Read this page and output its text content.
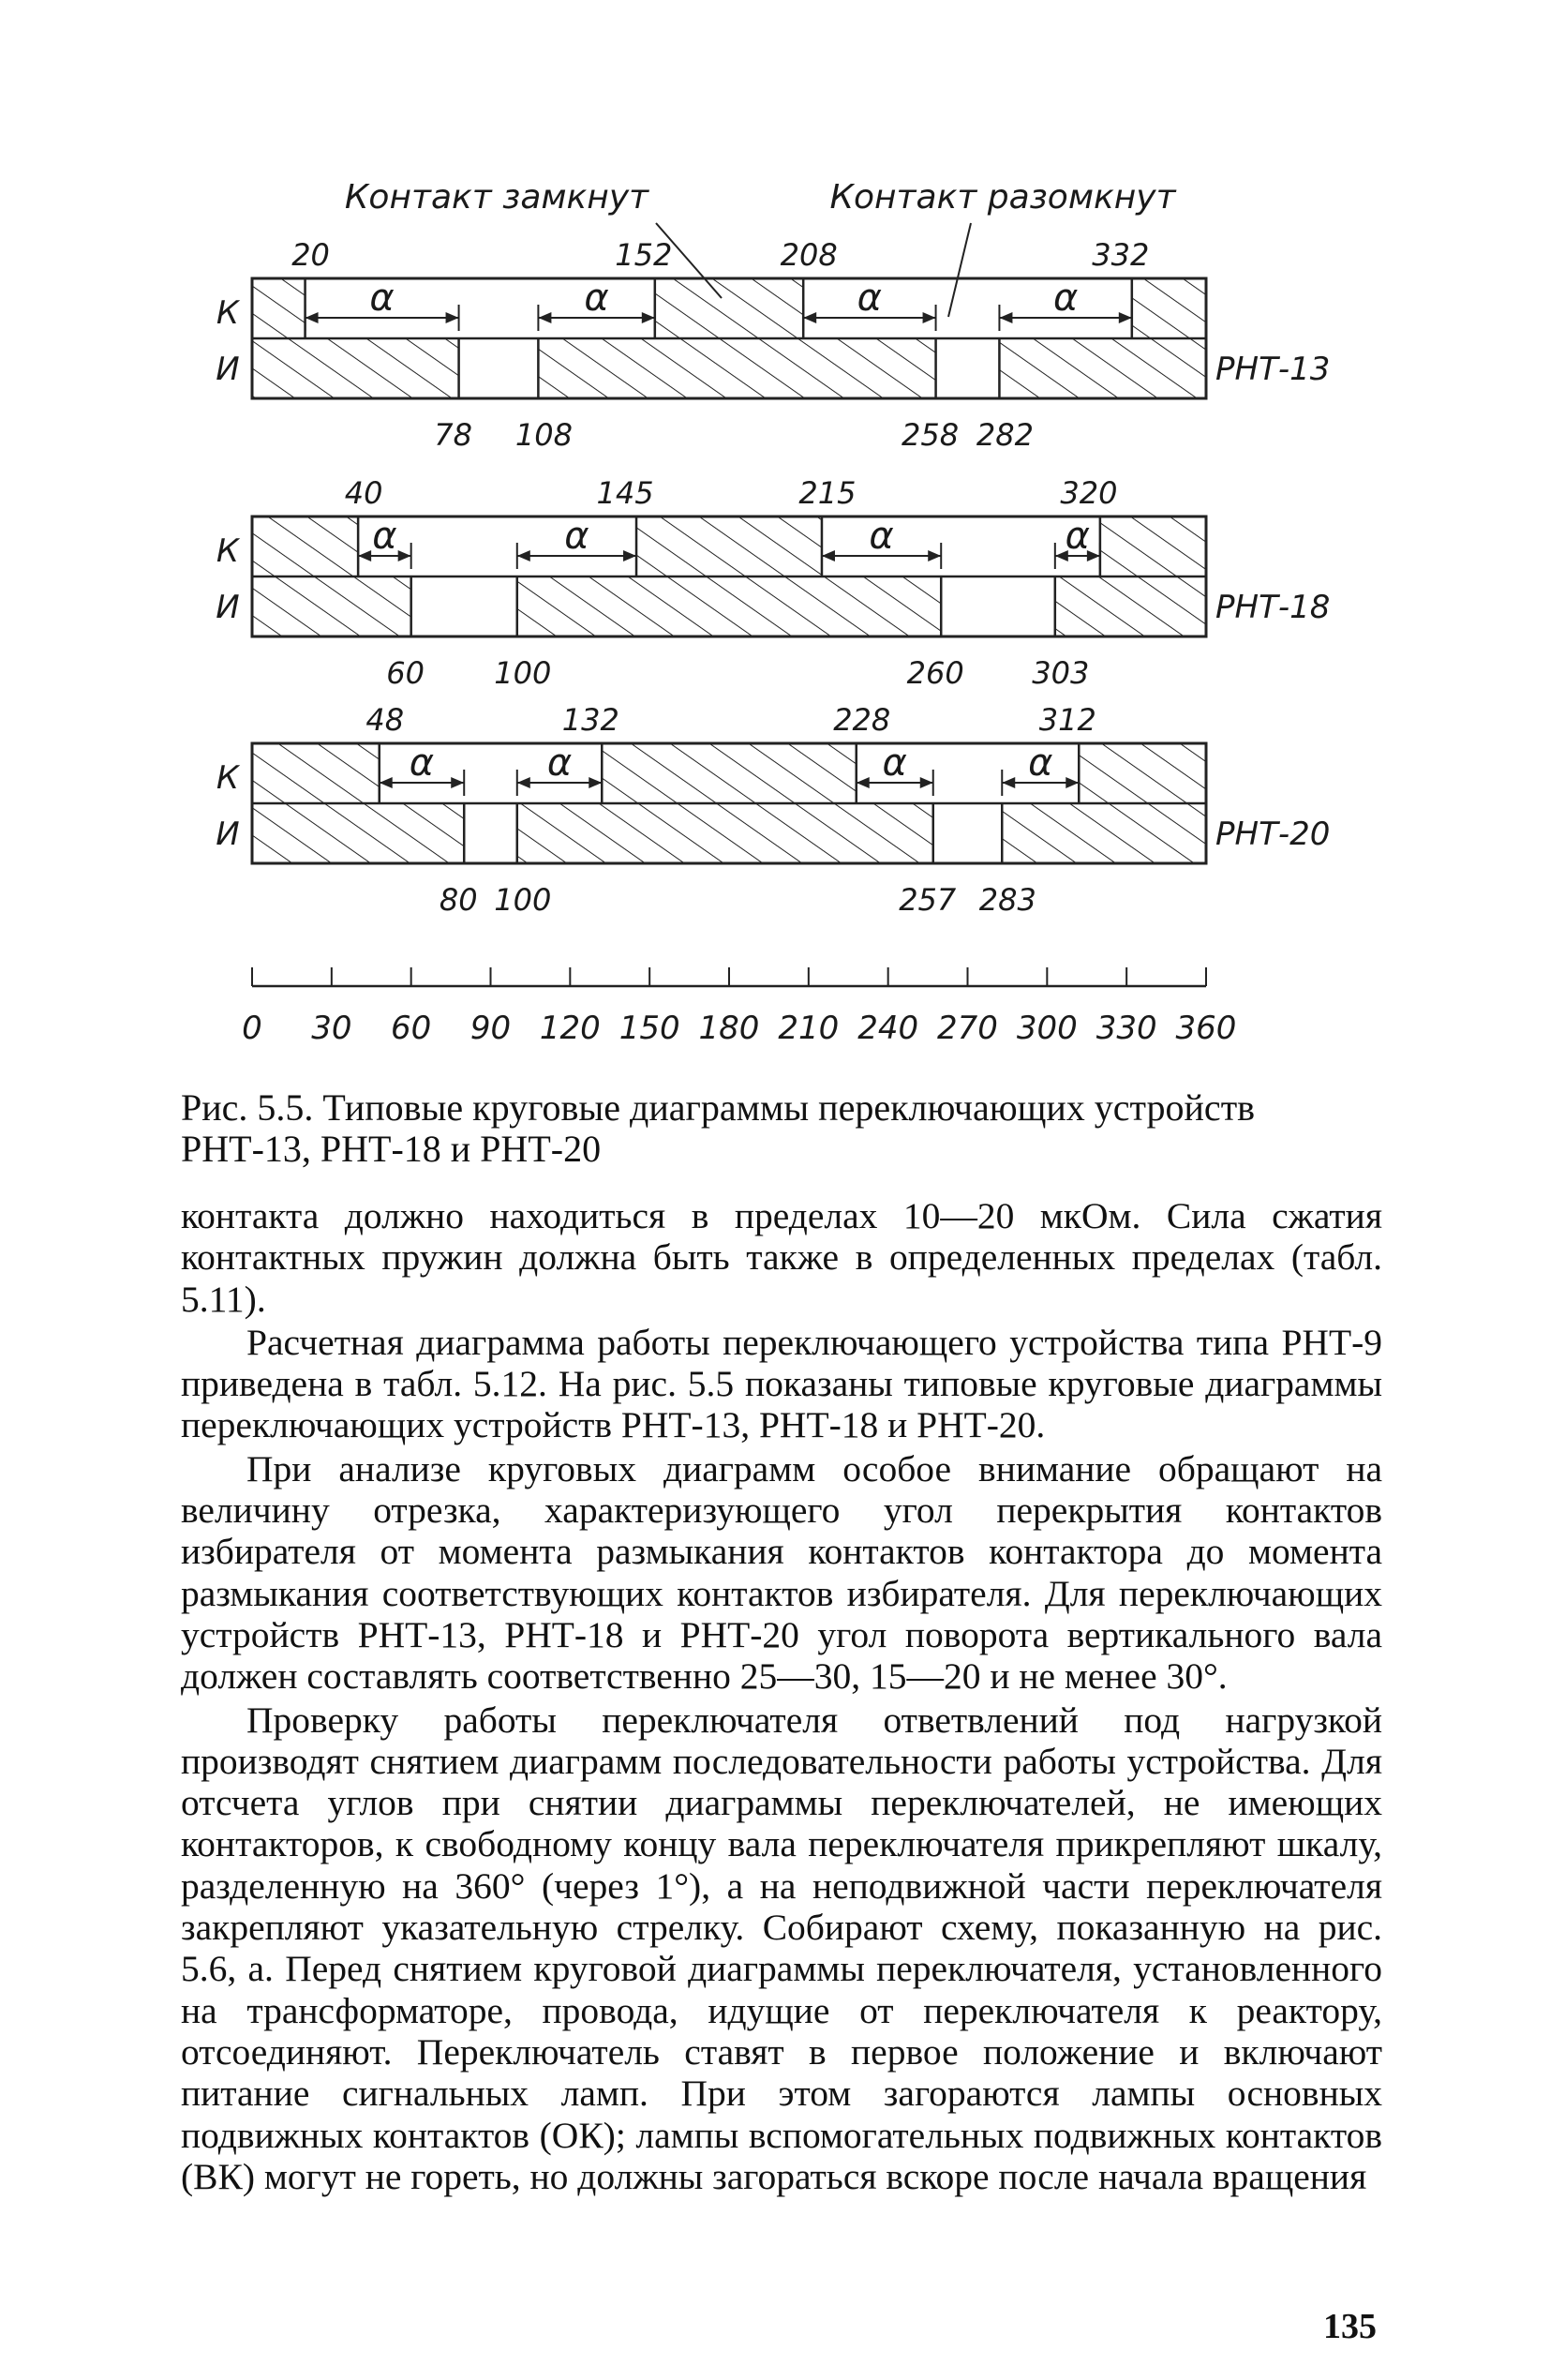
Контакт замкнут	Контакт разомкнут
К
И	РНТ-13
20	152	208	332
78 108	258 282
α	α	α	α
К
И	РНТ-18
40	145	215	320
60 100	260 303
α	α	α	α
К
И	РНТ-20
48	132	228	312
80 100	257 283
α	α	α	α
0 30 60 90 120 150 180 210 240 270 300 330 360
Рис. 5.5. Типовые круговые диаграммы переключающих устройств РНТ-13, РНТ-18 и РНТ-20

контакта должно находиться в пределах 10—20 мкОм. Сила сжатия контактных пружин должна быть также в определенных пределах (табл. 5.11).

Расчетная диаграмма работы переключающего устройства типа РНТ-9 приведена в табл. 5.12. На рис. 5.5 показаны типовые круговые диаграммы переключающих устройств РНТ-13, РНТ-18 и РНТ-20.

При анализе круговых диаграмм особое внимание обращают на величину отрезка, характеризующего угол перекрытия контактов избирателя от момента размыкания контактов контактора до момента размыкания соответствующих контактов избирателя. Для переключающих устройств РНТ-13, РНТ-18 и РНТ-20 угол поворота вертикального вала должен составлять соответственно 25—30, 15—20 и не менее 30°.

Проверку работы переключателя ответвлений под нагрузкой производят снятием диаграмм последовательности работы устройства. Для отсчета углов при снятии диаграммы переключателей, не имеющих контакторов, к свободному концу вала переключателя прикрепляют шкалу, разделенную на 360° (через 1°), а на неподвижной части переключателя закрепляют указательную стрелку. Собирают схему, показанную на рис. 5.6, а. Перед снятием круговой диаграммы переключателя, установленного на трансформаторе, провода, идущие от переключателя к реактору, отсоединяют. Переключатель ставят в первое положение и включают питание сигнальных ламп. При этом загораются лампы основных подвижных контактов (ОК); лампы вспомогательных подвижных контактов (ВК) могут не гореть, но должны загораться вскоре после начала вращения

135
